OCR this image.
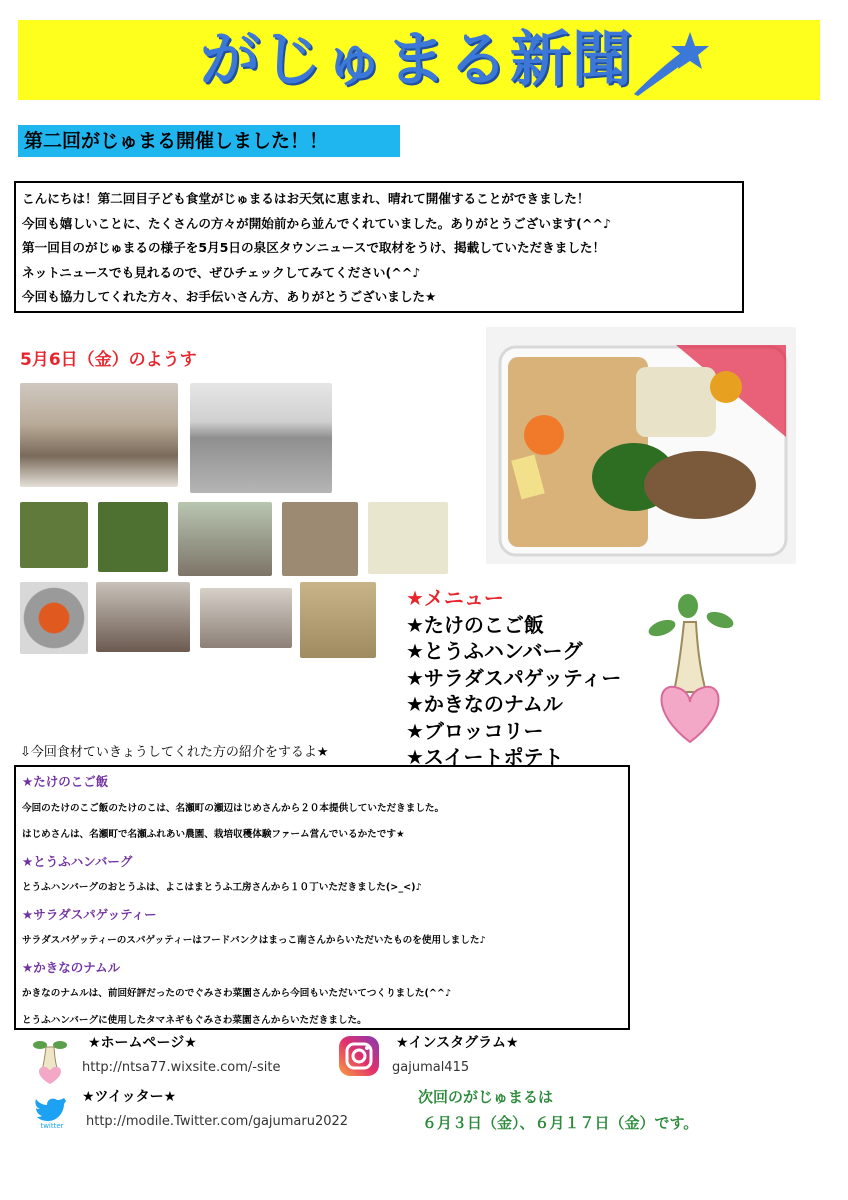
がじゅまる新聞
第二回がじゅまる開催しました！！

こんにちは！第二回目子ども食堂がじゅまるはお天気に恵まれ、晴れて開催することができました！

今回も嬉しいことに、たくさんの方々が開始前から並んでくれていました。ありがとうございます(^^♪

第一回目のがじゅまるの様子を5月5日の泉区タウンニュースで取材をうけ、掲載していただきました！

ネットニュースでも見れるので、ぜひチェックしてみてください(^^♪

今回も協力してくれた方々、お手伝いさん方、ありがとうございました★

5月6日（金）のようす
★メニュー
★たけのこご飯
★とうふハンバーグ
★サラダスパゲッティー
★かきなのナムル
★ブロッコリー
★スイートポテト
⇩今回食材ていきょうしてくれた方の紹介をするよ★
★たけのこご飯
今回のたけのこご飯のたけのこは、名瀬町の瀬辺はじめさんから２０本提供していただきました。
はじめさんは、名瀬町で名瀬ふれあい農園、栽培収穫体験ファーム営んでいるかたです★
★とうふハンバーグ
とうふハンバーグのおとうふは、よこはまとうふ工房さんから１０丁いただきました(>_<)♪
★サラダスパゲッティー
サラダスパゲッティーのスパゲッティーはフードバンクはまっこ南さんからいただいたものを使用しました♪
★かきなのナムル
かきなのナムルは、前回好評だったのでぐみさわ菜園さんから今回もいただいてつくりました(^^♪
とうふハンバーグに使用したタマネギもぐみさわ菜園さんからいただきました。
★ホームページ★
http://ntsa77.wixsite.com/-site
★インスタグラム★
gajumal415
twitter
★ツイッター★
http://modile.Twitter.com/gajumaru2022
次回のがじゅまるは
６月３日（金）、６月１７日（金）です。
